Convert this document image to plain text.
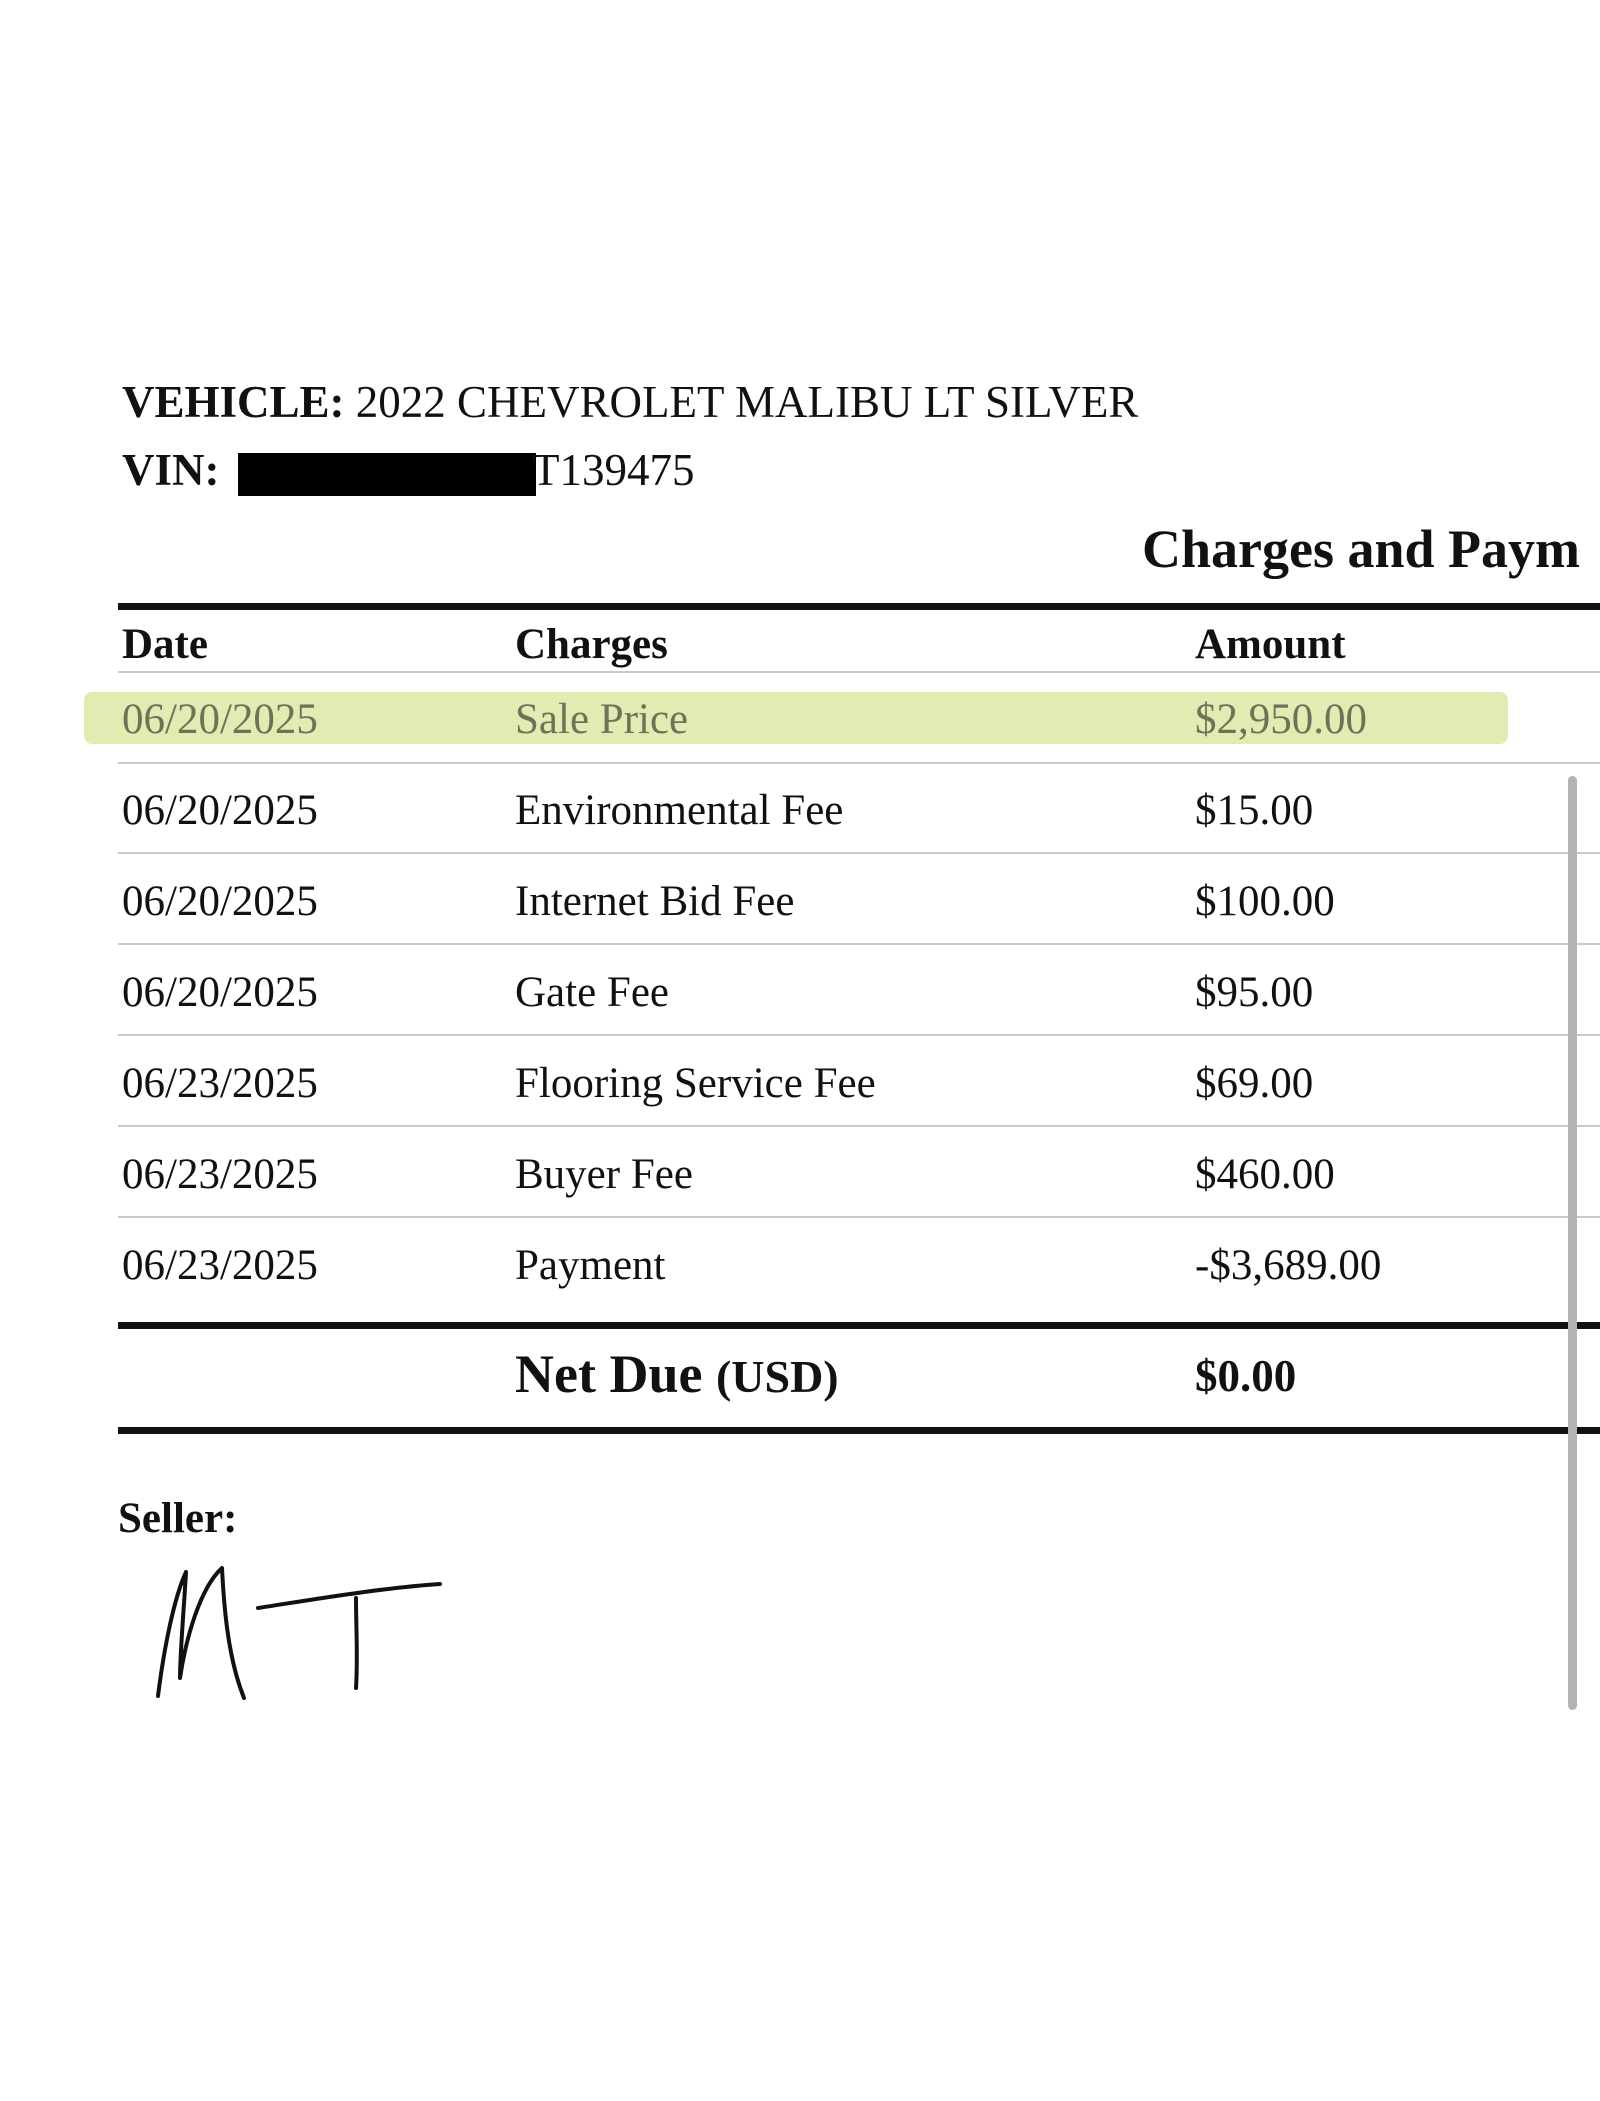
VEHICLE: 2022 CHEVROLET MALIBU LT SILVER
VIN:	T139475
Charges and Paym
Date	Charges	Amount
06/20/2025	Sale Price	$2,950.00
06/20/2025	Environmental Fee	$15.00
06/20/2025	Internet Bid Fee	$100.00
06/20/2025	Gate Fee	$95.00
06/23/2025	Flooring Service Fee	$69.00
06/23/2025	Buyer Fee	$460.00
06/23/2025	Payment	-$3,689.00
Net Due (USD)	$0.00
Seller:
